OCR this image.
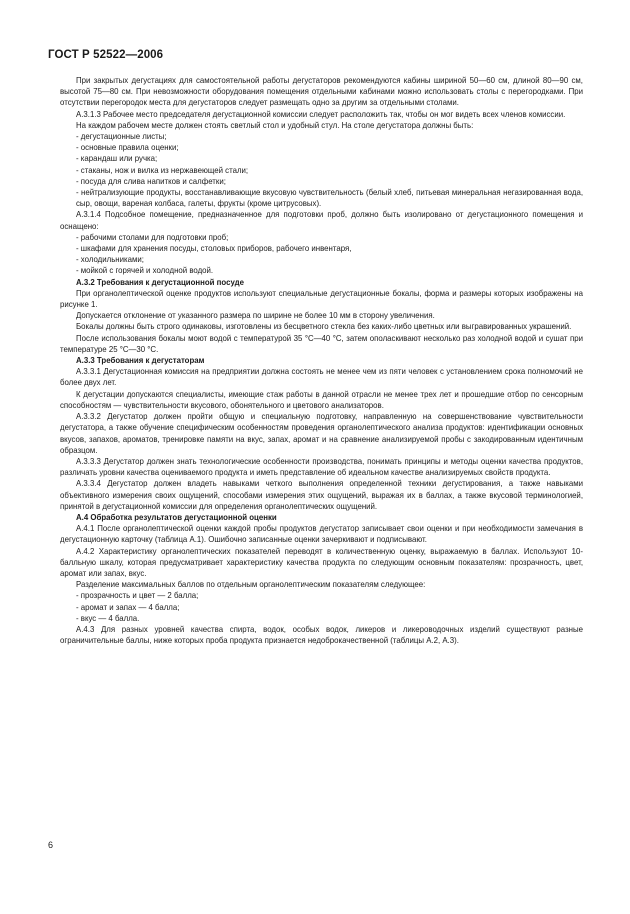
ГОСТ Р 52522—2006

При закрытых дегустациях для самостоятельной работы дегустаторов рекомендуются кабины шириной 50—60 см, длиной 80—90 см, высотой 75—80 см. При невозможности оборудования помещения отдельными кабинами можно использовать столы с перегородками. При отсутствии перегородок места для дегустаторов следует размещать одно за другим за отдельными столами.

А.3.1.3 Рабочее место председателя дегустационной комиссии следует расположить так, чтобы он мог видеть всех членов комиссии.

На каждом рабочем месте должен стоять светлый стол и удобный стул. На столе дегустатора должны быть:

- дегустационные листы;

- основные правила оценки;

- карандаш или ручка;

- стаканы, нож и вилка из нержавеющей стали;

- посуда для слива напитков и салфетки;

- нейтрализующие продукты, восстанавливающие вкусовую чувствительность (белый хлеб, питьевая минеральная негазированная вода, сыр, овощи, вареная колбаса, галеты, фрукты (кроме цитрусовых).

А.3.1.4 Подсобное помещение, предназначенное для подготовки проб, должно быть изолировано от дегустационного помещения и оснащено:

- рабочими столами для подготовки проб;

- шкафами для хранения посуды, столовых приборов, рабочего инвентаря,

- холодильниками;

- мойкой с горячей и холодной водой.

А.3.2 Требования к дегустационной посуде

При органолептической оценке продуктов используют специальные дегустационные бокалы, форма и размеры которых изображены на рисунке 1.

Допускается отклонение от указанного размера по ширине не более 10 мм в сторону увеличения.

Бокалы должны быть строго одинаковы, изготовлены из бесцветного стекла без каких-либо цветных или выгравированных украшений.

После использования бокалы моют водой с температурой 35 °С—40 °С, затем ополаскивают несколько раз холодной водой и сушат при температуре 25 °С—30 °С.

А.3.3 Требования к дегустаторам

А.3.3.1 Дегустационная комиссия на предприятии должна состоять не менее чем из пяти человек с установлением срока полномочий не более двух лет.

К дегустации допускаются специалисты, имеющие стаж работы в данной отрасли не менее трех лет и прошедшие отбор по сенсорным способностям — чувствительности вкусового, обонятельного и цветового анализаторов.

А.3.3.2 Дегустатор должен пройти общую и специальную подготовку, направленную на совершенствование чувствительности дегустатора, а также обучение специфическим особенностям проведения органолептического анализа продуктов: идентификации основных вкусов, запахов, ароматов, тренировке памяти на вкус, запах, аромат и на сравнение анализируемой пробы с закодированным идентичным образцом.

А.3.3.3 Дегустатор должен знать технологические особенности производства, понимать принципы и методы оценки качества продуктов, различать уровни качества оцениваемого продукта и иметь представление об идеальном качестве анализируемых свойств продукта.

А.3.3.4 Дегустатор должен владеть навыками четкого выполнения определенной техники дегустирования, а также навыками объективного измерения своих ощущений, способами измерения этих ощущений, выражая их в баллах, а также вкусовой терминологией, принятой в дегустационной комиссии для определения органолептических ощущений.

А.4 Обработка результатов дегустационной оценки

А.4.1 После органолептической оценки каждой пробы продуктов дегустатор записывает свои оценки и при необходимости замечания в дегустационную карточку (таблица А.1). Ошибочно записанные оценки зачеркивают и подписывают.

А.4.2 Характеристику органолептических показателей переводят в количественную оценку, выражаемую в баллах. Используют 10-балльную шкалу, которая предусматривает характеристику качества продукта по следующим основным показателям: прозрачность, цвет, аромат или запах, вкус.

Разделение максимальных баллов по отдельным органолептическим показателям следующее:

- прозрачность и цвет — 2 балла;

- аромат и запах — 4 балла;

- вкус — 4 балла.

А.4.3 Для разных уровней качества спирта, водок, особых водок, ликеров и ликероводочных изделий существуют разные ограничительные баллы, ниже которых проба продукта признается недоброкачественной (таблицы А.2, А.3).

6
